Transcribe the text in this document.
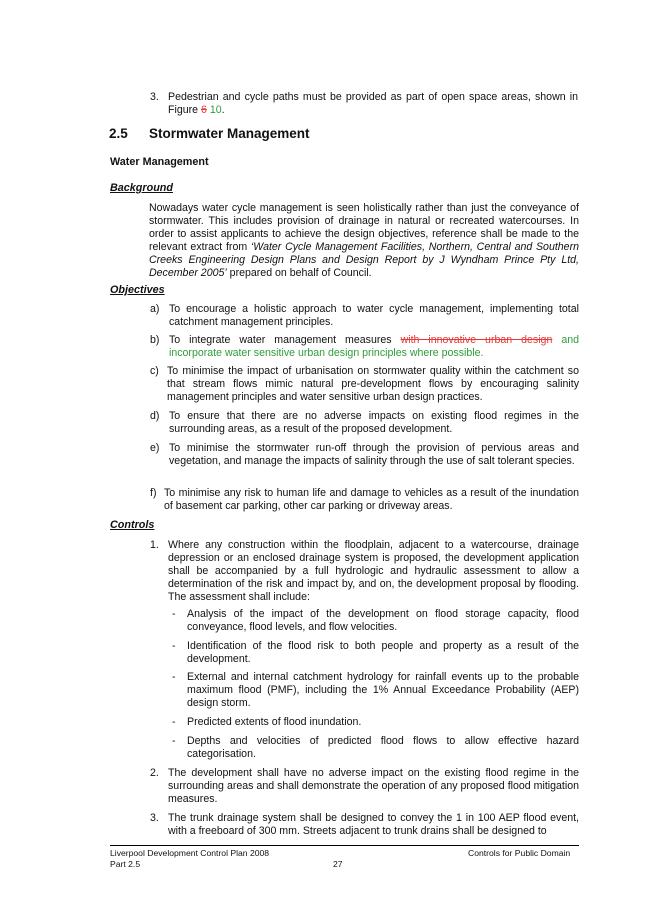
3. Pedestrian and cycle paths must be provided as part of open space areas, shown in Figure 6 10.
2.5 Stormwater Management
Water Management
Background
Nowadays water cycle management is seen holistically rather than just the conveyance of stormwater. This includes provision of drainage in natural or recreated watercourses. In order to assist applicants to achieve the design objectives, reference shall be made to the relevant extract from ‘Water Cycle Management Facilities, Northern, Central and Southern Creeks Engineering Design Plans and Design Report by J Wyndham Prince Pty Ltd, December 2005’ prepared on behalf of Council.
Objectives
a) To encourage a holistic approach to water cycle management, implementing total catchment management principles.
b) To integrate water management measures with innovative urban design and incorporate water sensitive urban design principles where possible.
c) To minimise the impact of urbanisation on stormwater quality within the catchment so that stream flows mimic natural pre-development flows by encouraging salinity management principles and water sensitive urban design practices.
d) To ensure that there are no adverse impacts on existing flood regimes in the surrounding areas, as a result of the proposed development.
e) To minimise the stormwater run-off through the provision of pervious areas and vegetation, and manage the impacts of salinity through the use of salt tolerant species.
f) To minimise any risk to human life and damage to vehicles as a result of the inundation of basement car parking, other car parking or driveway areas.
Controls
1. Where any construction within the floodplain, adjacent to a watercourse, drainage depression or an enclosed drainage system is proposed, the development application shall be accompanied by a full hydrologic and hydraulic assessment to allow a determination of the risk and impact by, and on, the development proposal by flooding. The assessment shall include:
- Analysis of the impact of the development on flood storage capacity, flood conveyance, flood levels, and flow velocities.
- Identification of the flood risk to both people and property as a result of the development.
- External and internal catchment hydrology for rainfall events up to the probable maximum flood (PMF), including the 1% Annual Exceedance Probability (AEP) design storm.
- Predicted extents of flood inundation.
- Depths and velocities of predicted flood flows to allow effective hazard categorisation.
2. The development shall have no adverse impact on the existing flood regime in the surrounding areas and shall demonstrate the operation of any proposed flood mitigation measures.
3. The trunk drainage system shall be designed to convey the 1 in 100 AEP flood event, with a freeboard of 300 mm. Streets adjacent to trunk drains shall be designed to
Liverpool Development Control Plan 2008
Part 2.5	27
Controls for Public Domain
